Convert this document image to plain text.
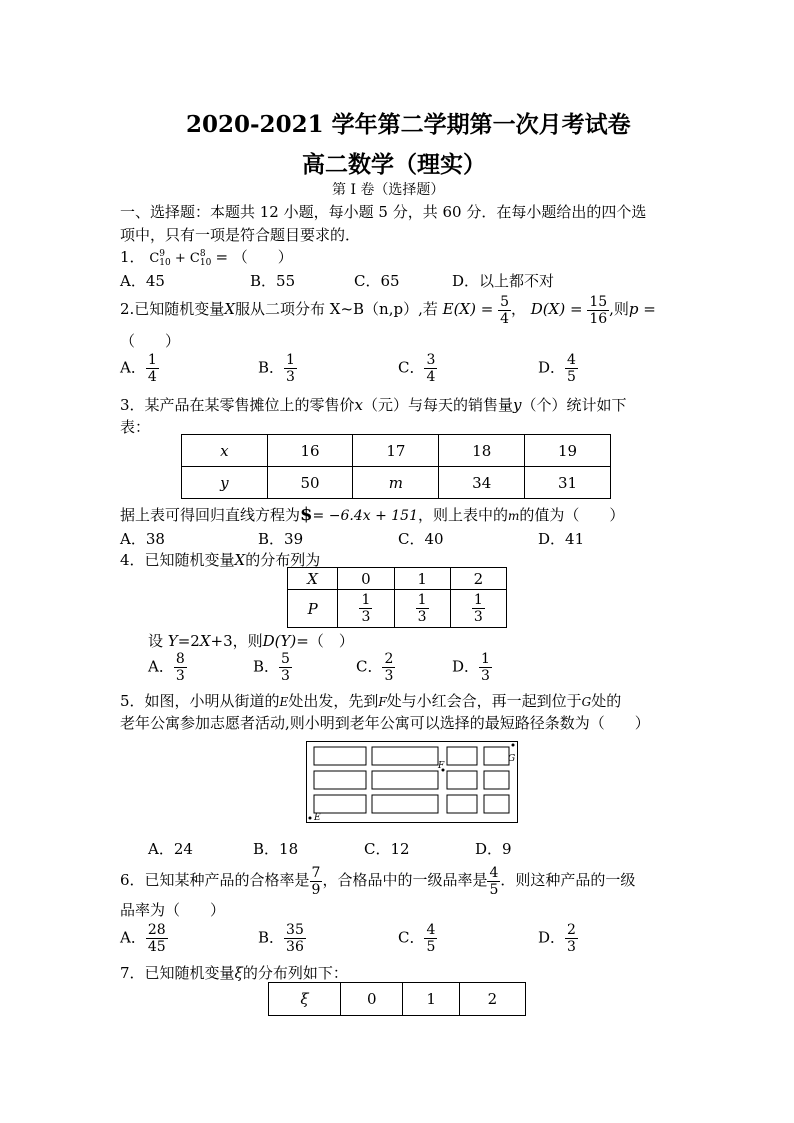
2020-2021 学年第二学期第一次月考试卷
高二数学（理实）
第 I 卷（选择题）
一、选择题：本题共 12 小题，每小题 5 分，共 60 分．在每小题给出的四个选
项中，只有一项是符合题目要求的．
1． C 9
10 + C 8
10 = （　　）
A．45	B．55	C．65	D．以上都不对
2.已知随机变量X服从二项分布 X~B（n,p）,若 $E(X) = \frac{5}{4}$ ， $D(X) = \frac{15}{16}$ ,则p =
（　　）
A． $\frac{1}{4}$	B． $\frac{1}{3}$	C． $\frac{3}{4}$	D． $\frac{4}{5}$
3．某产品在某零售摊位上的零售价x（元）与每天的销售量y（个）统计如下
表：
x	16	17	18	19
y	50	m	34	31
据上表可得回归直线方程为$= −6.4x + 151，则上表中的m的值为（　　）
A．38	B．39	C．40	D．41
4．已知随机变量X的分布列为
X	0	1	2
P	$\frac{1}{3}$	$\frac{1}{3}$	$\frac{1}{3}$
设 Y=2X+3，则D(Y)=（　）
A． $\frac{8}{3}$	B． $\frac{5}{3}$	C． $\frac{2}{3}$	D． $\frac{1}{3}$
5．如图，小明从街道的E处出发，先到F处与小红会合，再一起到位于G处的
老年公寓参加志愿者活动,则小明到老年公寓可以选择的最短路径条数为（　　）
F
G
E
A．24	B．18	C．12	D．9
6．已知某种产品的合格率是 $\frac{7}{9}$ ，合格品中的一级品率是 $\frac{4}{5}$ ．则这种产品的一级
品率为（　　）
A． $\frac{28}{45}$	B． $\frac{35}{36}$	C． $\frac{4}{5}$	D． $\frac{2}{3}$
7．已知随机变量ξ的分布列如下：
ξ	0	1	2
